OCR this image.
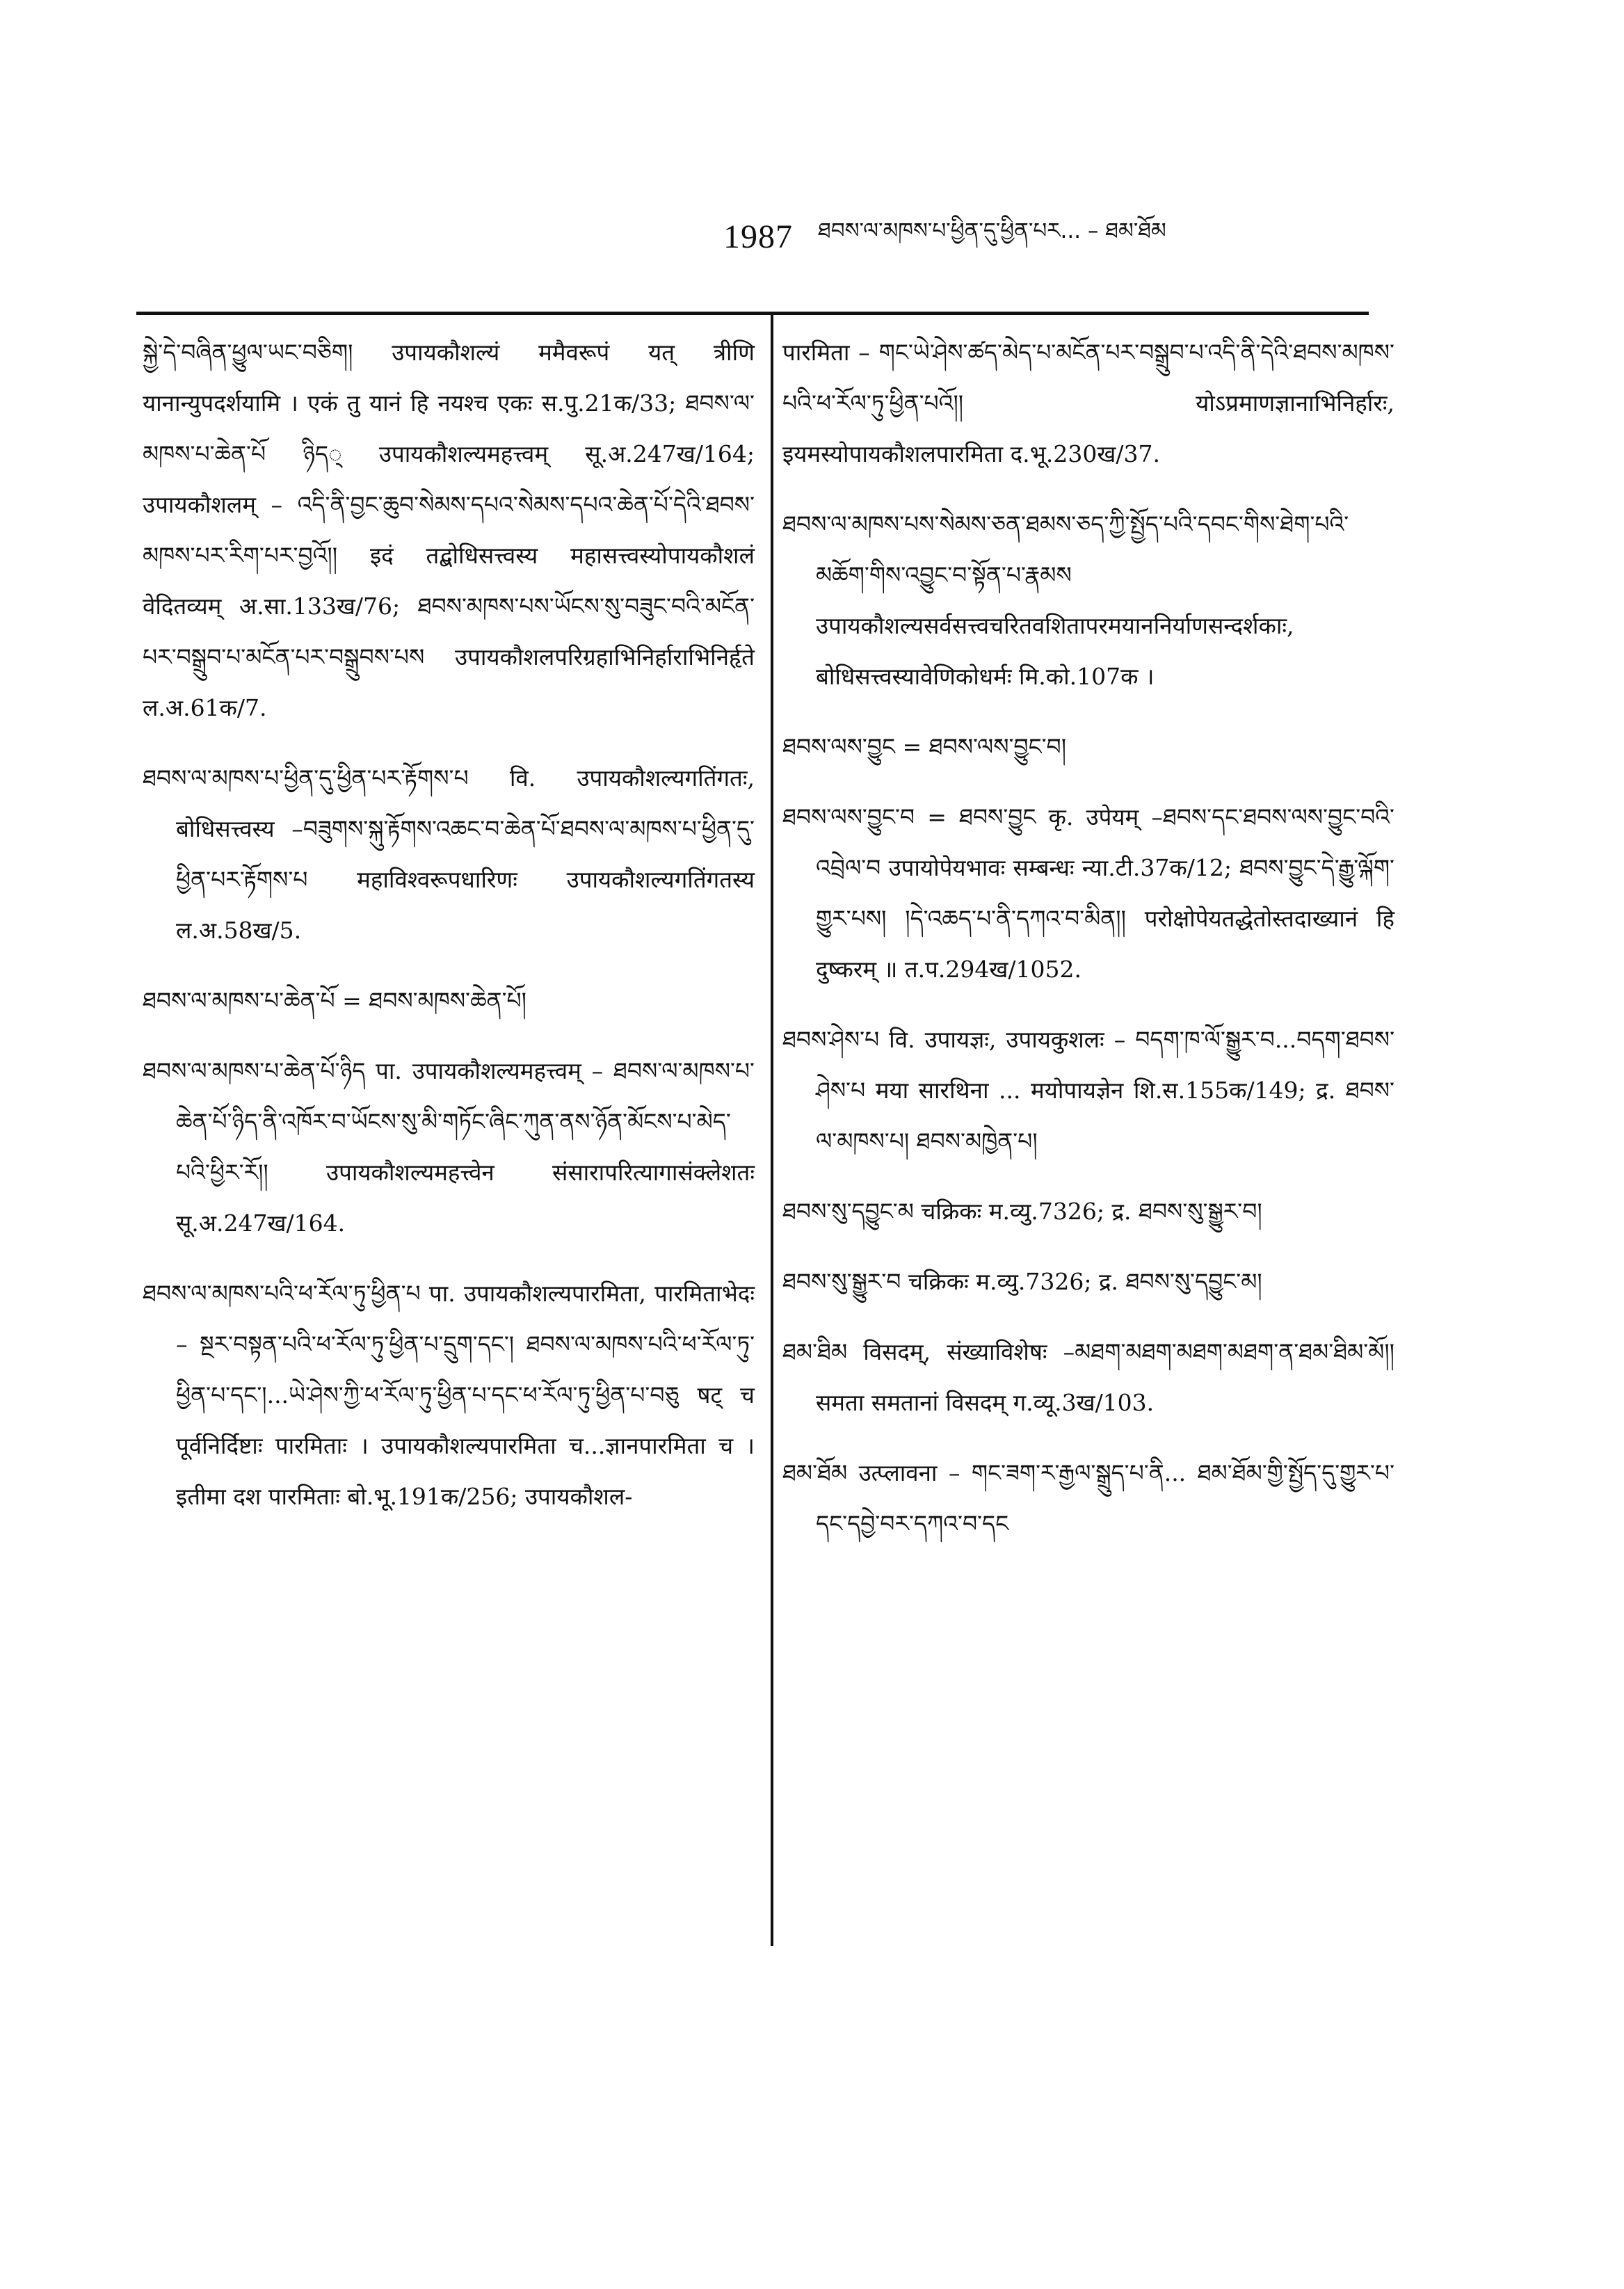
1987 ཐབས་ལ་མཁས་པ་ཕྱིན་དུ་ཕྱིན་པར... – ཐམ་ཐོམ

སྐྱེ་དེ་བཞིན་ཕྱུལ་ཡང་བཅིག། उपायकौशल्यं ममैवरूपं यत् त्रीणि यानान्युपदर्शयामि । एकं तु यानं हि नयश्च एकः स.पु.21क/33; ཐབས་ལ་མཁས་པ་ཆེན་པོ ཉིད् उपायकौशल्यमहत्त्वम् सू.अ.247ख/164; उपायकौशलम् – འདི་ནི་བྱང་ཆུབ་སེམས་དཔའ་སེམས་དཔའ་ཆེན་པོ་དེའི་ཐབས་མཁས་པར་རིག་པར་བྱའོ།། इदं तद्बोधिसत्त्वस्य महासत्त्वस्योपायकौशलं वेदितव्यम् अ.सा.133ख/76; ཐབས་མཁས་པས་ཡོངས་སུ་བཟུང་བའི་མངོན་པར་བསྒྲུབ་པ་མངོན་པར་བསྒྲུབས་པས उपायकौशलपरिग्रहाभिनिर्हाराभिनिर्हृते ल.अ.61क/7.

ཐབས་ལ་མཁས་པ་ཕྱིན་དུ་ཕྱིན་པར་རྟོགས་པ वि. उपायकौशल्यगतिंगतः, बोधिसत्त्वस्य –བཟུགས་སྐུ་རྟོགས་འཆང་བ་ཆེན་པོ་ཐབས་ལ་མཁས་པ་ཕྱིན་དུ་ཕྱིན་པར་རྟོགས་པ महाविश्वरूपधारिणः उपायकौशल्यगतिंगतस्य ल.अ.58ख/5.

ཐབས་ལ་མཁས་པ་ཆེན་པོ = ཐབས་མཁས་ཆེན་པོ།

ཐབས་ལ་མཁས་པ་ཆེན་པོ་ཉིད पा. उपायकौशल्यमहत्त्वम् – ཐབས་ལ་མཁས་པ་ཆེན་པོ་ཉིད་ནི་འཁོར་བ་ཡོངས་སུ་མི་གཏོང་ཞིང་ཀུན་ནས་ཉོན་མོངས་པ་མེད་པའི་ཕྱིར་རོ།། उपायकौशल्यमहत्त्वेन संसारापरित्यागासंक्लेशतः सू.अ.247ख/164.

ཐབས་ལ་མཁས་པའི་ཕ་རོལ་ཏུ་ཕྱིན་པ पा. उपायकौशल्यपारमिता, पारमिताभेदः – སྔར་བསྟན་པའི་ཕ་རོལ་ཏུ་ཕྱིན་པ་དྲུག་དང་། ཐབས་ལ་མཁས་པའི་ཕ་རོལ་ཏུ་ཕྱིན་པ་དང་།...ཡེ་ཤེས་ཀྱི་ཕ་རོལ་ཏུ་ཕྱིན་པ་དང་ཕ་རོལ་ཏུ་ཕྱིན་པ་བཅུ षट् च पूर्वनिर्दिष्टाः पारमिताः । उपायकौशल्यपारमिता च...ज्ञानपारमिता च । इतीमा दश पारमिताः बो.भू.191क/256; उपायकौशल-

पारमिता – གང་ཡེ་ཤེས་ཚད་མེད་པ་མངོན་པར་བསྒྲུབ་པ་འདི་ནི་དེའི་ཐབས་མཁས་པའི་ཕ་རོལ་ཏུ་ཕྱིན་པའོ།། योऽप्रमाणज्ञानाभिनिर्हारः, इयमस्योपायकौशलपारमिता द.भू.230ख/37.

ཐབས་ལ་མཁས་པས་སེམས་ཅན་ཐམས་ཅད་ཀྱི་སྤྱོད་པའི་དབང་གིས་ཐེག་པའི་མཆོག་གིས་འབྱུང་བ་སྟོན་པ་རྣམས उपायकौशल्यसर्वसत्त्वचरितवशितापरमयाननिर्याणसन्दर्शकाः, बोधिसत्त्वस्यावेणिकोधर्मः मि.को.107क ।

ཐབས་ལས་བྱུང = ཐབས་ལས་བྱུང་བ།

ཐབས་ལས་བྱུང་བ = ཐབས་བྱུང कृ. उपेयम् –ཐབས་དང་ཐབས་ལས་བྱུང་བའི་འབྲེལ་བ उपायोपेयभावः सम्बन्धः न्या.टी.37क/12; ཐབས་བྱུང་དེ་རྒྱུ་ལྐོག་གྱུར་པས། །དེ་འཆད་པ་ནི་དཀའ་བ་མིན།། परोक्षोपेयतद्धेतोस्तदाख्यानं हि दुष्करम् ॥ त.प.294ख/1052.

ཐབས་ཤེས་པ वि. उपायज्ञः, उपायकुशलः – བདག་ཁ་ལོ་སྒྱུར་བ...བདག་ཐབས་ཤེས་པ मया सारथिना ... मयोपायज्ञेन शि.स.155क/149; द्र. ཐབས་ལ་མཁས་པ། ཐབས་མཁྱེན་པ།

ཐབས་སུ་དབྱུང་མ चक्रिकः म.व्यु.7326; द्र. ཐབས་སུ་སྒྱུར་བ།

ཐབས་སུ་སྒྱུར་བ चक्रिकः म.व्यु.7326; द्र. ཐབས་སུ་དབྱུང་མ།

ཐམ་ཐིམ विसदम्, संख्याविशेषः –མཐག་མཐག་མཐག་མཐག་ན་ཐམ་ཐིམ་མོ།། समता समतानां विसदम् ग.व्यू.3ख/103.

ཐམ་ཐོམ उत्प्लावना – གང་ཟག་ར་རྒྱལ་སྒྲུད་པ་ནི... ཐམ་ཐོམ་གྱི་སྤྱོད་དུ་གྱུར་པ་དང་དབྱེ་བར་དཀའ་བ་དང
